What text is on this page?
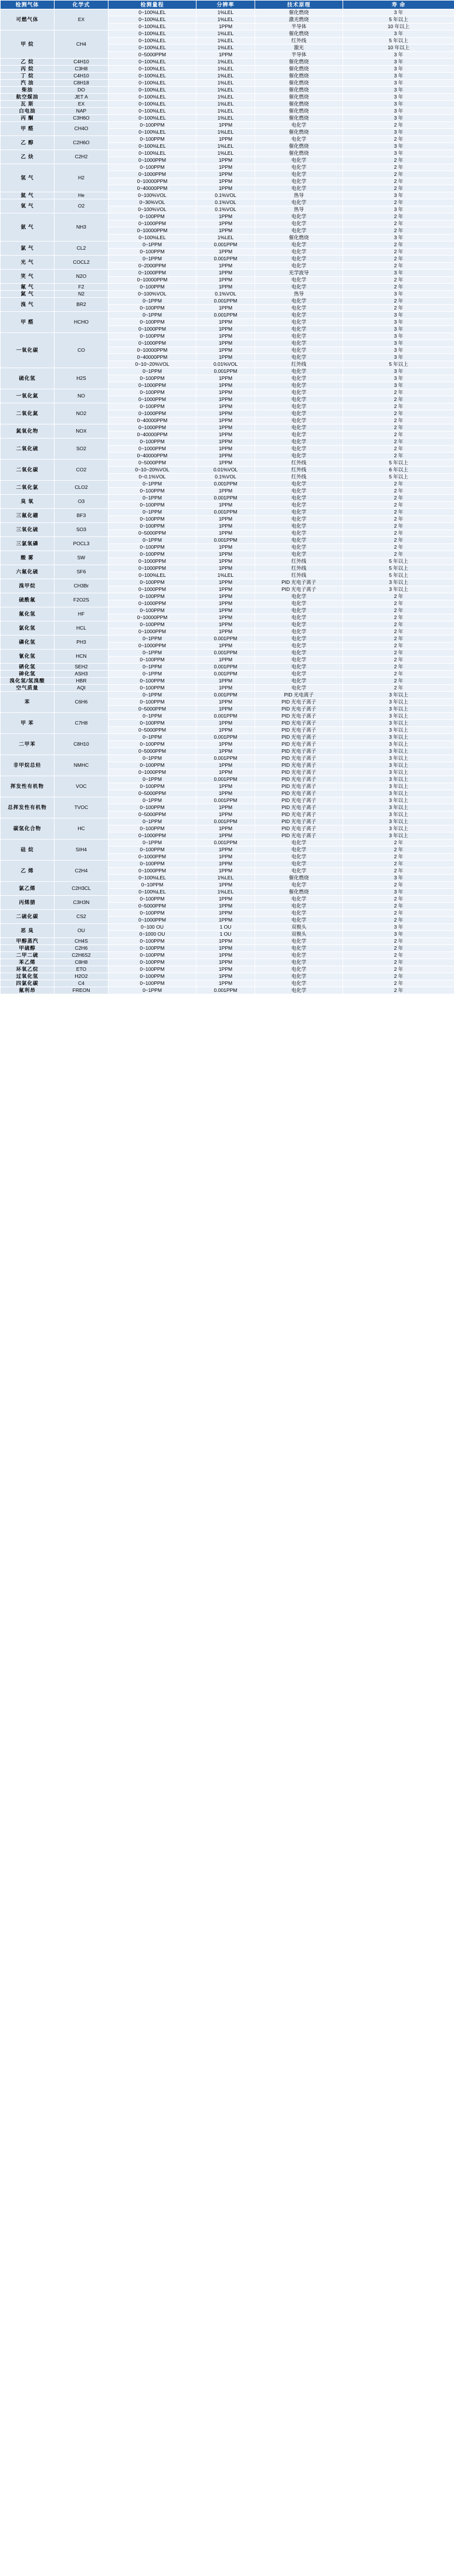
检测气体	化学式	检测量程	分辨率	技术原理	寿 命
可燃气体	EX	0~100%LEL	1%LEL	催化燃烧	3 年
		0~100%LEL	1%LEL	激光燃烧	5 年以上
		0~100%LEL	1PPM	半导体	10 年以上
甲 烷	CH4	0~100%LEL	1%LEL	催化燃烧	3 年
		0~100%LEL	1%LEL	红外线	5 年以上
		0~100%LEL	1%LEL	激光	10 年以上
		0~5000PPM	1PPM	半导体	3 年
乙 烷	C4H10	0~100%LEL	1%LEL	催化燃烧	3 年
丙 烷	C3H8	0~100%LEL	1%LEL	催化燃烧	3 年
丁 烷	C4H10	0~100%LEL	1%LEL	催化燃烧	3 年
汽 油	C8H18	0~100%LEL	1%LEL	催化燃烧	3 年
柴油	DO	0~100%LEL	1%LEL	催化燃烧	3 年
航空煤油	JET A	0~100%LEL	1%LEL	催化燃烧	3 年
瓦 斯	EX	0~100%LEL	1%LEL	催化燃烧	3 年
白电油	NAP	0~100%LEL	1%LEL	催化燃烧	3 年
丙 酮	C3H6O	0~100%LEL	1%LEL	催化燃烧	3 年
甲 醛	CH4O	0~100PPM	1PPM	电化学	2 年
		0~100%LEL	1%LEL	催化燃烧	3 年
乙 醇	C2H6O	0~100PPM	1PPM	电化学	2 年
		0~100%LEL	1%LEL	催化燃烧	3 年
乙 炔	C2H2	0~100%LEL	1%LEL	催化燃烧	3 年
		0~1000PPM	1PPM	电化学	2 年
氢 气	H2	0~100PPM	1PPM	电化学	2 年
		0~1000PPM	1PPM	电化学	2 年
		0~10000PPM	1PPM	电化学	2 年
		0~40000PPM	1PPM	电化学	2 年
氦 气	He	0~100%VOL	0.1%VOL	热导	3 年
氧 气	O2	0~30%VOL	0.1%VOL	电化学	2 年
		0~100%VOL	0.1%VOL	热导	3 年
氨 气	NH3	0~100PPM	1PPM	电化学	2 年
		0~1000PPM	1PPM	电化学	2 年
		0~10000PPM	1PPM	电化学	2 年
		0~100%LEL	1%LEL	催化燃烧	3 年
氯 气	CL2	0~1PPM	0.001PPM	电化学	2 年
		0~100PPM	1PPM	电化学	2 年
光 气	COCL2	0~1PPM	0.001PPM	电化学	2 年
		0~2000PPM	1PPM	电化学	2 年
笑 气	N2O	0~1000PPM	1PPM	光学波导	3 年
		0~10000PPM	1PPM	电化学	2 年
氟 气	F2	0~100PPM	1PPM	电化学	2 年
氮 气	N2	0~100%VOL	0.1%VOL	热导	3 年
溴 气	BR2	0~1PPM	0.001PPM	电化学	2 年
		0~100PPM	1PPM	电化学	2 年
甲 醛	HCHO	0~1PPM	0.001PPM	电化学	3 年
		0~100PPM	1PPM	电化学	3 年
		0~1000PPM	1PPM	电化学	3 年
一氧化碳	CO	0~100PPM	1PPM	电化学	3 年
		0~1000PPM	1PPM	电化学	3 年
		0~10000PPM	1PPM	电化学	3 年
		0~40000PPM	1PPM	电化学	3 年
		0~10~20%VOL	0.01%VOL	红外线	5 年以上
硫化氢	H2S	0~1PPM	0.001PPM	电化学	3 年
		0~100PPM	1PPM	电化学	3 年
		0~1000PPM	1PPM	电化学	3 年
一氧化氮	NO	0~100PPM	1PPM	电化学	2 年
		0~1000PPM	1PPM	电化学	2 年
二氧化氮	NO2	0~100PPM	1PPM	电化学	2 年
		0~1000PPM	1PPM	电化学	2 年
		0~40000PPM	1PPM	电化学	2 年
氮氧化物	NOX	0~1000PPM	1PPM	电化学	2 年
		0~40000PPM	1PPM	电化学	2 年
二氧化硫	SO2	0~100PPM	1PPM	电化学	2 年
		0~1000PPM	1PPM	电化学	2 年
		0~40000PPM	1PPM	电化学	2 年
二氧化碳	CO2	0~5000PPM	1PPM	红外线	5 年以上
		0~10~20%VOL	0.01%VOL	红外线	6 年以上
		0~0.1%VOL	0.1%VOL	红外线	5 年以上
二氧化氯	CLO2	0~1PPM	0.001PPM	电化学	2 年
		0~100PPM	1PPM	电化学	2 年
臭 氧	O3	0~1PPM	0.001PPM	电化学	2 年
		0~100PPM	1PPM	电化学	2 年
三氟化硼	BF3	0~1PPM	0.001PPM	电化学	2 年
		0~100PPM	1PPM	电化学	2 年
三氧化硫	SO3	0~100PPM	1PPM	电化学	2 年
		0~5000PPM	1PPM	电化学	2 年
三氯氧磷	POCL3	0~1PPM	0.001PPM	电化学	2 年
		0~100PPM	1PPM	电化学	2 年
酸 雾	SW	0~100PPM	1PPM	电化学	2 年
		0~1000PPM	1PPM	红外线	5 年以上
六氟化硫	SF6	0~1000PPM	1PPM	红外线	5 年以上
		0~100%LEL	1%LEL	红外线	5 年以上
溴甲烷	CH3Br	0~100PPM	1PPM	PID 光电子离子	3 年以上
		0~1000PPM	1PPM	PID 光电子离子	3 年以上
硫酰氟	F2O2S	0~100PPM	1PPM	电化学	2 年
		0~1000PPM	1PPM	电化学	2 年
氟化氢	HF	0~100PPM	1PPM	电化学	2 年
		0~10000PPM	1PPM	电化学	2 年
氯化氢	HCL	0~100PPM	1PPM	电化学	2 年
		0~1000PPM	1PPM	电化学	2 年
磷化氢	PH3	0~1PPM	0.001PPM	电化学	2 年
		0~1000PPM	1PPM	电化学	2 年
氰化氢	HCN	0~1PPM	0.001PPM	电化学	2 年
		0~100PPM	1PPM	电化学	2 年
硒化氢	SEH2	0~1PPM	0.001PPM	电化学	2 年
砷化氢	ASH3	0~1PPM	0.001PPM	电化学	2 年
溴化氢/氢溴酸	HBR	0~100PPM	1PPM	电化学	2 年
空气质量	AQI	0~100PPM	1PPM	电化学	2 年
苯	C6H6	0~1PPM	0.001PPM	PID 光电离子	3 年以上
		0~100PPM	1PPM	PID 光电子离子	3 年以上
		0~5000PPM	1PPM	PID 光电子离子	3 年以上
甲 苯	C7H8	0~1PPM	0.001PPM	PID 光电子离子	3 年以上
		0~100PPM	1PPM	PID 光电子离子	3 年以上
		0~5000PPM	1PPM	PID 光电子离子	3 年以上
二甲苯	C8H10	0~1PPM	0.001PPM	PID 光电子离子	3 年以上
		0~100PPM	1PPM	PID 光电子离子	3 年以上
		0~5000PPM	1PPM	PID 光电子离子	3 年以上
非甲烷总烃	NMHC	0~1PPM	0.001PPM	PID 光电子离子	3 年以上
		0~100PPM	1PPM	PID 光电子离子	3 年以上
		0~1000PPM	1PPM	PID 光电子离子	3 年以上
挥发性有机物	VOC	0~1PPM	0.001PPM	PID 光电子离子	3 年以上
		0~100PPM	1PPM	PID 光电子离子	3 年以上
		0~5000PPM	1PPM	PID 光电子离子	3 年以上
总挥发性有机物	TVOC	0~1PPM	0.001PPM	PID 光电子离子	3 年以上
		0~100PPM	1PPM	PID 光电子离子	3 年以上
		0~5000PPM	1PPM	PID 光电子离子	3 年以上
碳氢化合物	HC	0~1PPM	0.001PPM	PID 光电子离子	3 年以上
		0~100PPM	1PPM	PID 光电子离子	3 年以上
		0~1000PPM	1PPM	PID 光电子离子	3 年以上
硅 烷	SIH4	0~1PPM	0.001PPM	电化学	2 年
		0~100PPM	1PPM	电化学	2 年
		0~1000PPM	1PPM	电化学	2 年
乙 烯	C2H4	0~100PPM	1PPM	电化学	2 年
		0~1000PPM	1PPM	电化学	2 年
		0~100%LEL	1%LEL	催化燃烧	3 年
氯乙烯	C2H3CL	0~10PPM	1PPM	电化学	2 年
		0~100%LEL	1%LEL	催化燃烧	3 年
丙烯腈	C3H3N	0~100PPM	1PPM	电化学	2 年
		0~5000PPM	1PPM	电化学	2 年
二硫化碳	CS2	0~100PPM	1PPM	电化学	2 年
		0~1000PPM	1PPM	电化学	2 年
恶 臭	OU	0~100 OU	1 OU	双极头	3 年
		0~1000 OU	1 OU	双极头	3 年
甲醇蒸汽	CH4S	0~100PPM	1PPM	电化学	2 年
甲硫醇	C2H6	0~100PPM	1PPM	电化学	2 年
二甲二硫	C2H6S2	0~100PPM	1PPM	电化学	2 年
苯乙烯	C8H8	0~100PPM	1PPM	电化学	2 年
环氧乙烷	ETO	0~100PPM	1PPM	电化学	2 年
过氧化氢	H2O2	0~100PPM	1PPM	电化学	2 年
四氯化碳	C4	0~100PPM	1PPM	电化学	2 年
氟利昂	FREON	0~1PPM	0.001PPM	电化学	2 年
